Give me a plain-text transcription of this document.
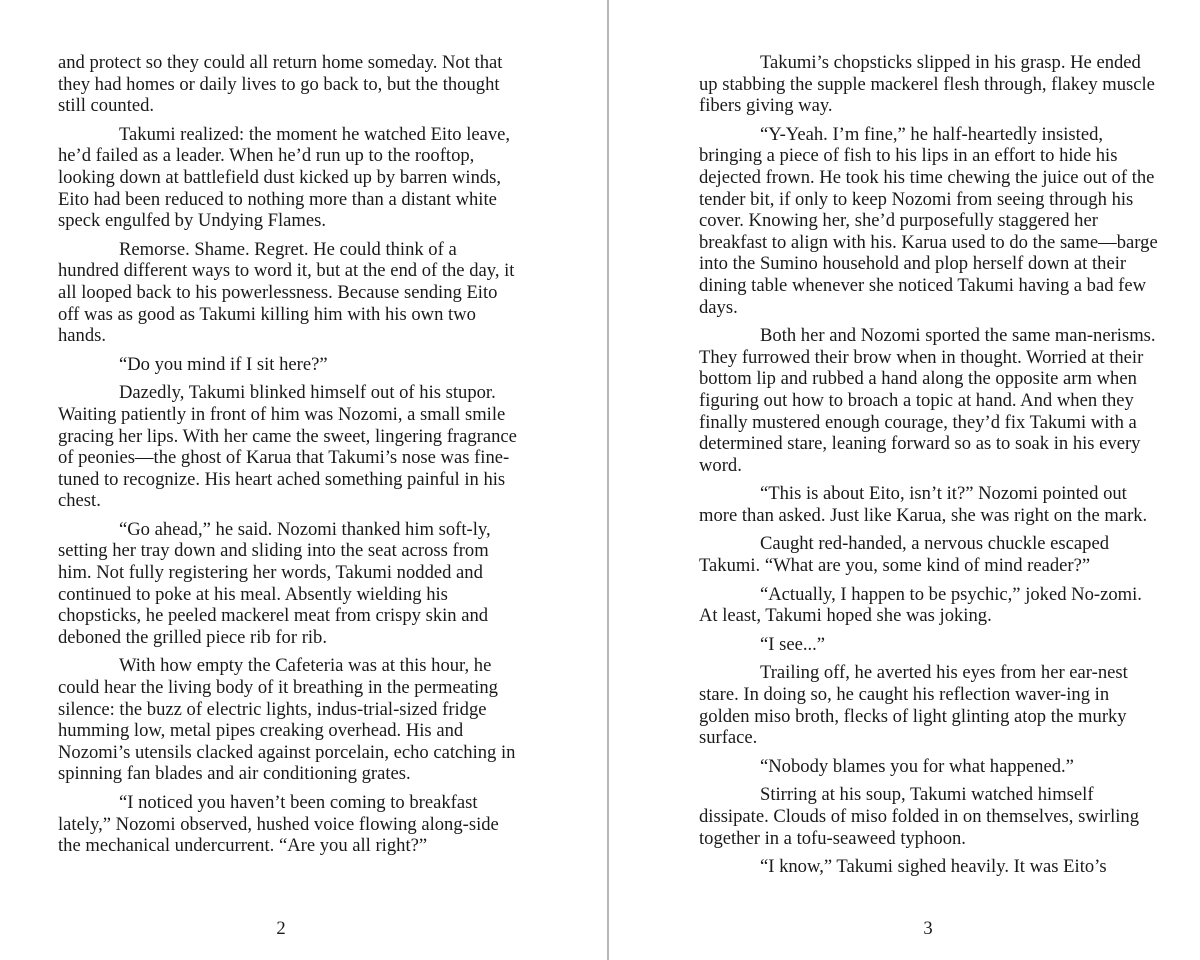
and protect so they could all return home someday. Not that they had homes or daily lives to go back to, but the thought still counted.

Takumi realized: the moment he watched Eito leave, he’d failed as a leader. When he’d run up to the rooftop, looking down at battlefield dust kicked up by barren winds, Eito had been reduced to nothing more than a distant white speck engulfed by Undying Flames.

Remorse. Shame. Regret. He could think of a hundred different ways to word it, but at the end of the day, it all looped back to his powerlessness. Because sending Eito off was as good as Takumi killing him with his own two hands.

“Do you mind if I sit here?”

Dazedly, Takumi blinked himself out of his stupor. Waiting patiently in front of him was Nozomi, a small smile gracing her lips. With her came the sweet, lingering fragrance of peonies—the ghost of Karua that Takumi’s nose was fine-tuned to recognize. His heart ached something painful in his chest.

“Go ahead,” he said. Nozomi thanked him soft-ly, setting her tray down and sliding into the seat across from him. Not fully registering her words, Takumi nodded and continued to poke at his meal. Absently wielding his chopsticks, he peeled mackerel meat from crispy skin and deboned the grilled piece rib for rib.

With how empty the Cafeteria was at this hour, he could hear the living body of it breathing in the permeating silence: the buzz of electric lights, indus-trial-sized fridge humming low, metal pipes creaking overhead. His and Nozomi’s utensils clacked against porcelain, echo catching in spinning fan blades and air conditioning grates.

“I noticed you haven’t been coming to breakfast lately,” Nozomi observed, hushed voice flowing along-side the mechanical undercurrent. “Are you all right?”

2

Takumi’s chopsticks slipped in his grasp. He ended up stabbing the supple mackerel flesh through, flakey muscle fibers giving way.

“Y-Yeah. I’m fine,” he half-heartedly insisted, bringing a piece of fish to his lips in an effort to hide his dejected frown. He took his time chewing the juice out of the tender bit, if only to keep Nozomi from seeing through his cover. Knowing her, she’d purposefully staggered her breakfast to align with his. Karua used to do the same—barge into the Sumino household and plop herself down at their dining table whenever she noticed Takumi having a bad few days.

Both her and Nozomi sported the same man-nerisms. They furrowed their brow when in thought. Worried at their bottom lip and rubbed a hand along the opposite arm when figuring out how to broach a topic at hand. And when they finally mustered enough courage, they’d fix Takumi with a determined stare, leaning forward so as to soak in his every word.

“This is about Eito, isn’t it?” Nozomi pointed out more than asked. Just like Karua, she was right on the mark.

Caught red-handed, a nervous chuckle escaped Takumi. “What are you, some kind of mind reader?”

“Actually, I happen to be psychic,” joked No-zomi. At least, Takumi hoped she was joking.

“I see...”

Trailing off, he averted his eyes from her ear-nest stare. In doing so, he caught his reflection waver-ing in golden miso broth, flecks of light glinting atop the murky surface.

“Nobody blames you for what happened.”

Stirring at his soup, Takumi watched himself dissipate. Clouds of miso folded in on themselves, swirling together in a tofu-seaweed typhoon.

“I know,” Takumi sighed heavily. It was Eito’s

3
